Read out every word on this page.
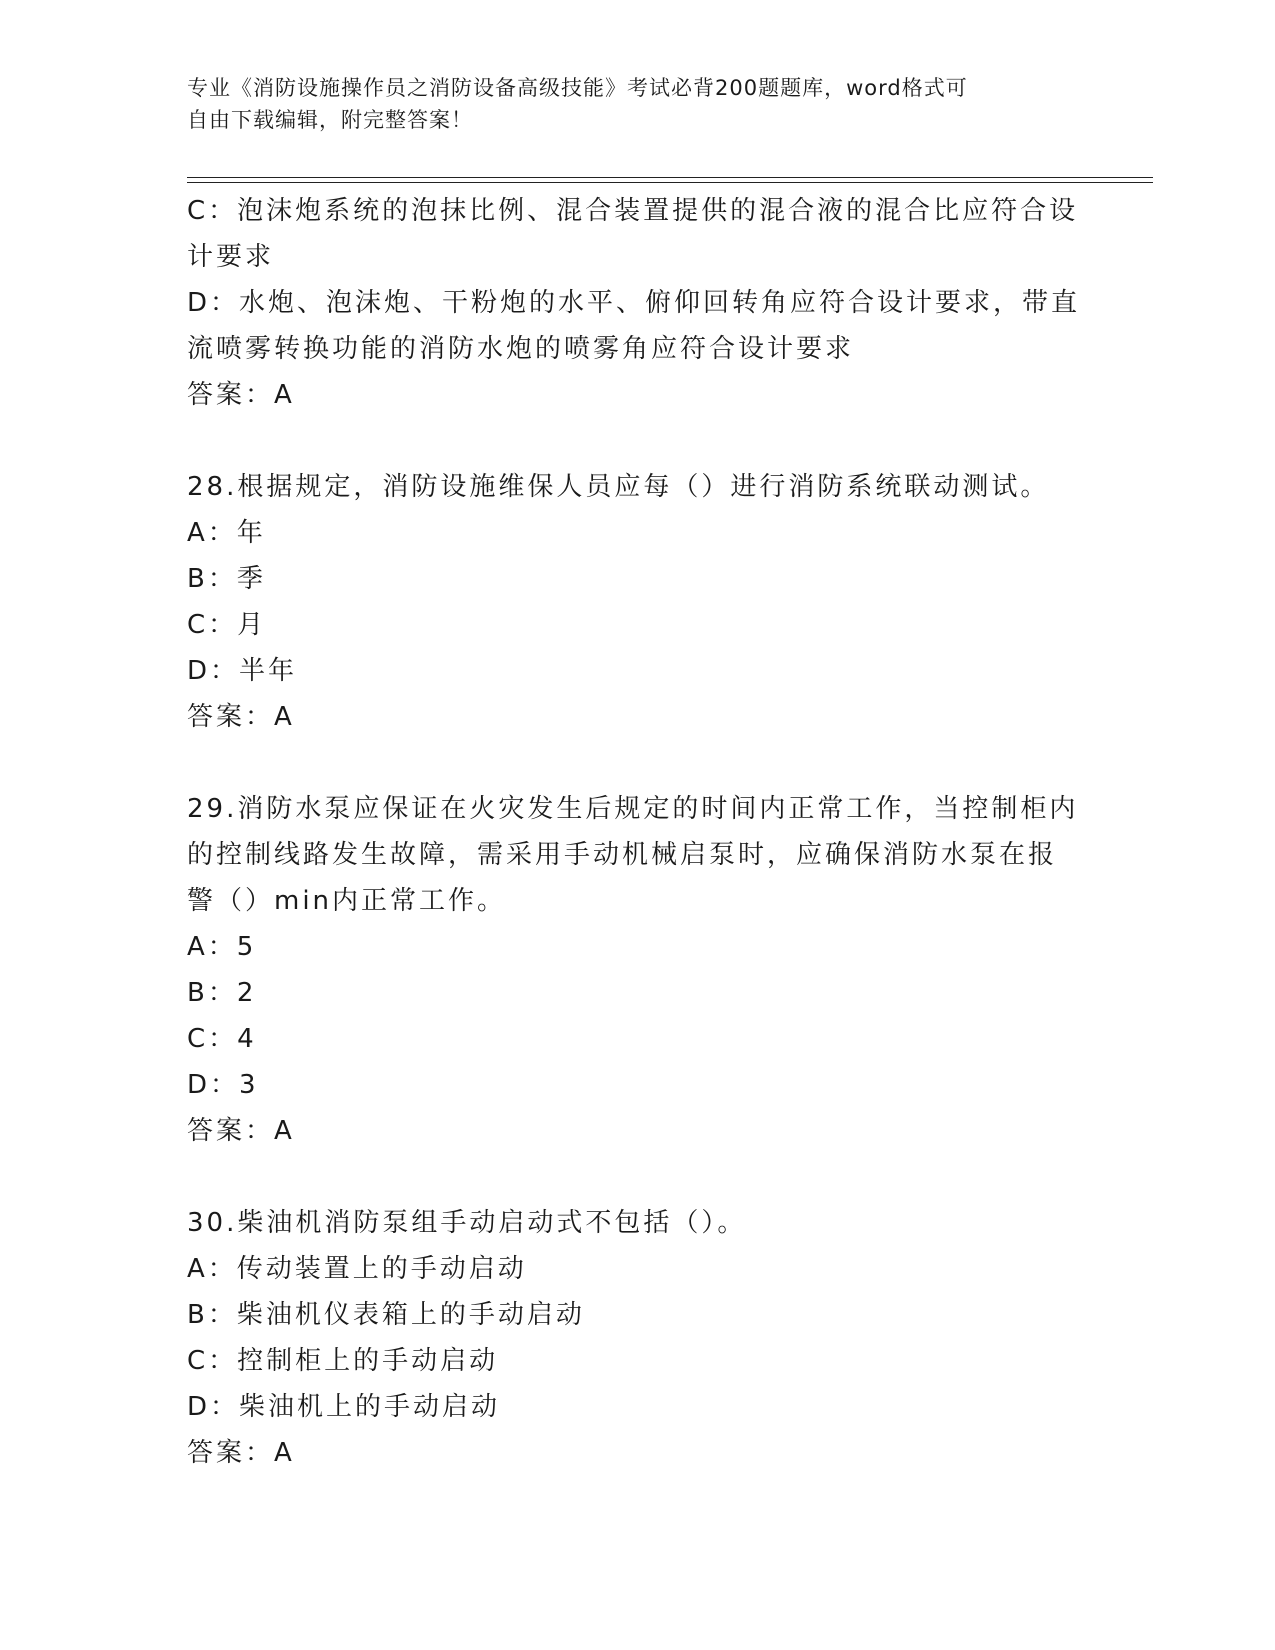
专业《消防设施操作员之消防设备高级技能》考试必背200题题库，word格式可
自由下载编辑，附完整答案！
C：泡沫炮系统的泡抹比例、混合装置提供的混合液的混合比应符合设
计要求
D：水炮、泡沫炮、干粉炮的水平、俯仰回转角应符合设计要求，带直
流喷雾转换功能的消防水炮的喷雾角应符合设计要求
答案：A
28.根据规定，消防设施维保人员应每（）进行消防系统联动测试。
A：年
B：季
C：月
D：半年
答案：A
29.消防水泵应保证在火灾发生后规定的时间内正常工作，当控制柜内
的控制线路发生故障，需采用手动机械启泵时，应确保消防水泵在报
警（）min内正常工作。
A：5
B：2
C：4
D：3
答案：A
30.柴油机消防泵组手动启动式不包括（）。
A：传动装置上的手动启动
B：柴油机仪表箱上的手动启动
C：控制柜上的手动启动
D：柴油机上的手动启动
答案：A
